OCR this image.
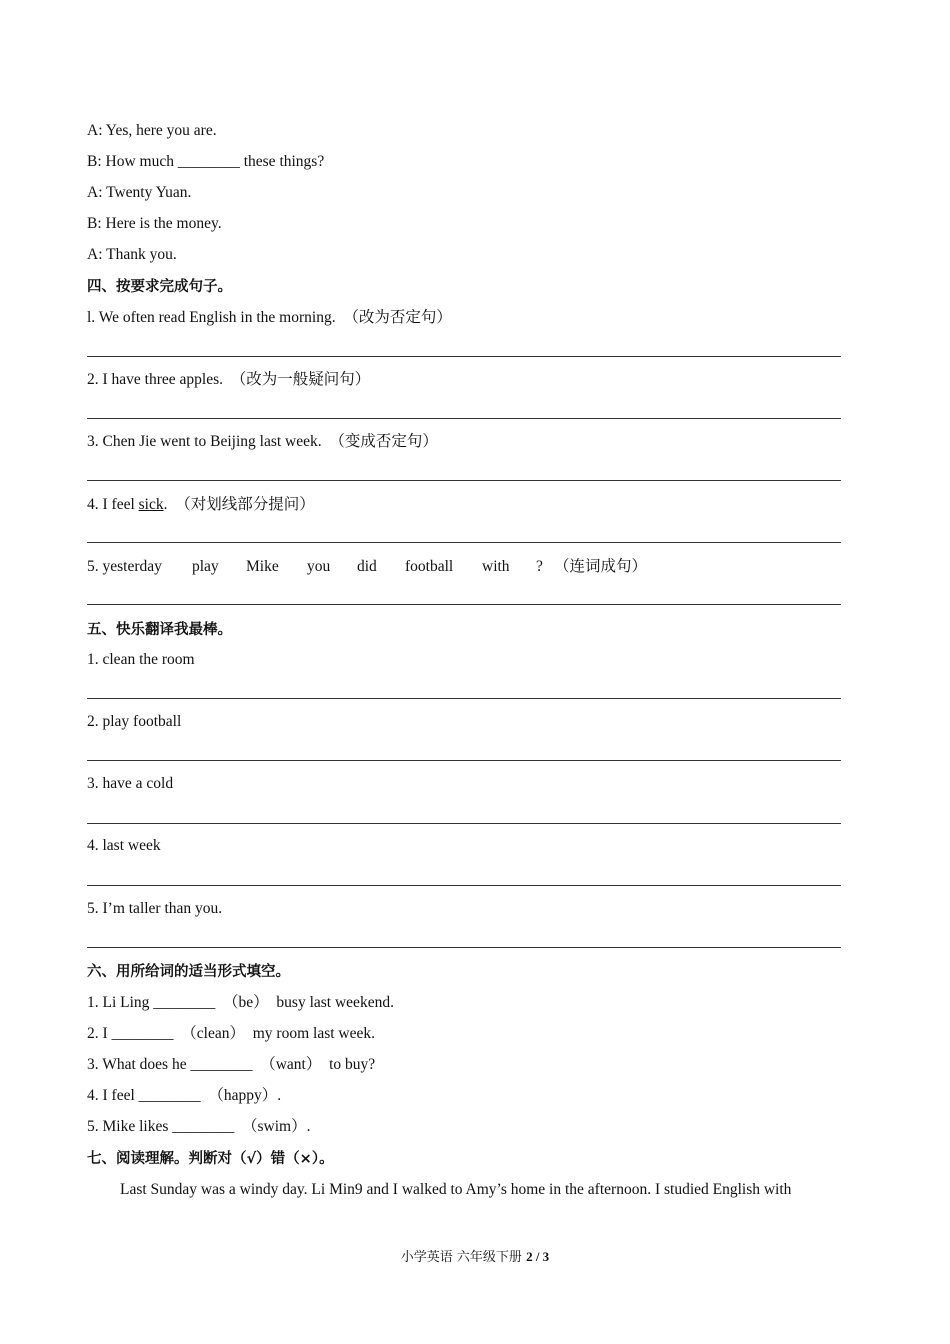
A: Yes, here you are.
B: How much ________ these things?
A: Twenty Yuan.
B: Here is the money.
A: Thank you.
四、按要求完成句子。
l. We often read English in the morning.  （改为否定句）
2. I have three apples.  （改为一般疑问句）
3. Chen Jie went to Beijing last week.  （变成否定句）
4. I feel sick.  （对划线部分提问）
5. yesterday play Mike you did football with ? （连词成句）
五、快乐翻译我最棒。
1. clean the room
2. play football
3. have a cold
4. last week
5. I’m taller than you.
六、用所给词的适当形式填空。
1. Li Ling ________  （be）  busy last weekend.
2. I ________  （clean）  my room last week.
3. What does he ________  （want）  to buy?
4. I feel ________  （happy）.
5. Mike likes ________  （swim）.
七、阅读理解。判断对（√）错（×）。
Last Sunday was a windy day. Li Min9 and I walked to Amy’s home in the afternoon. I studied English with
小学英语 六年级下册 2 / 3
